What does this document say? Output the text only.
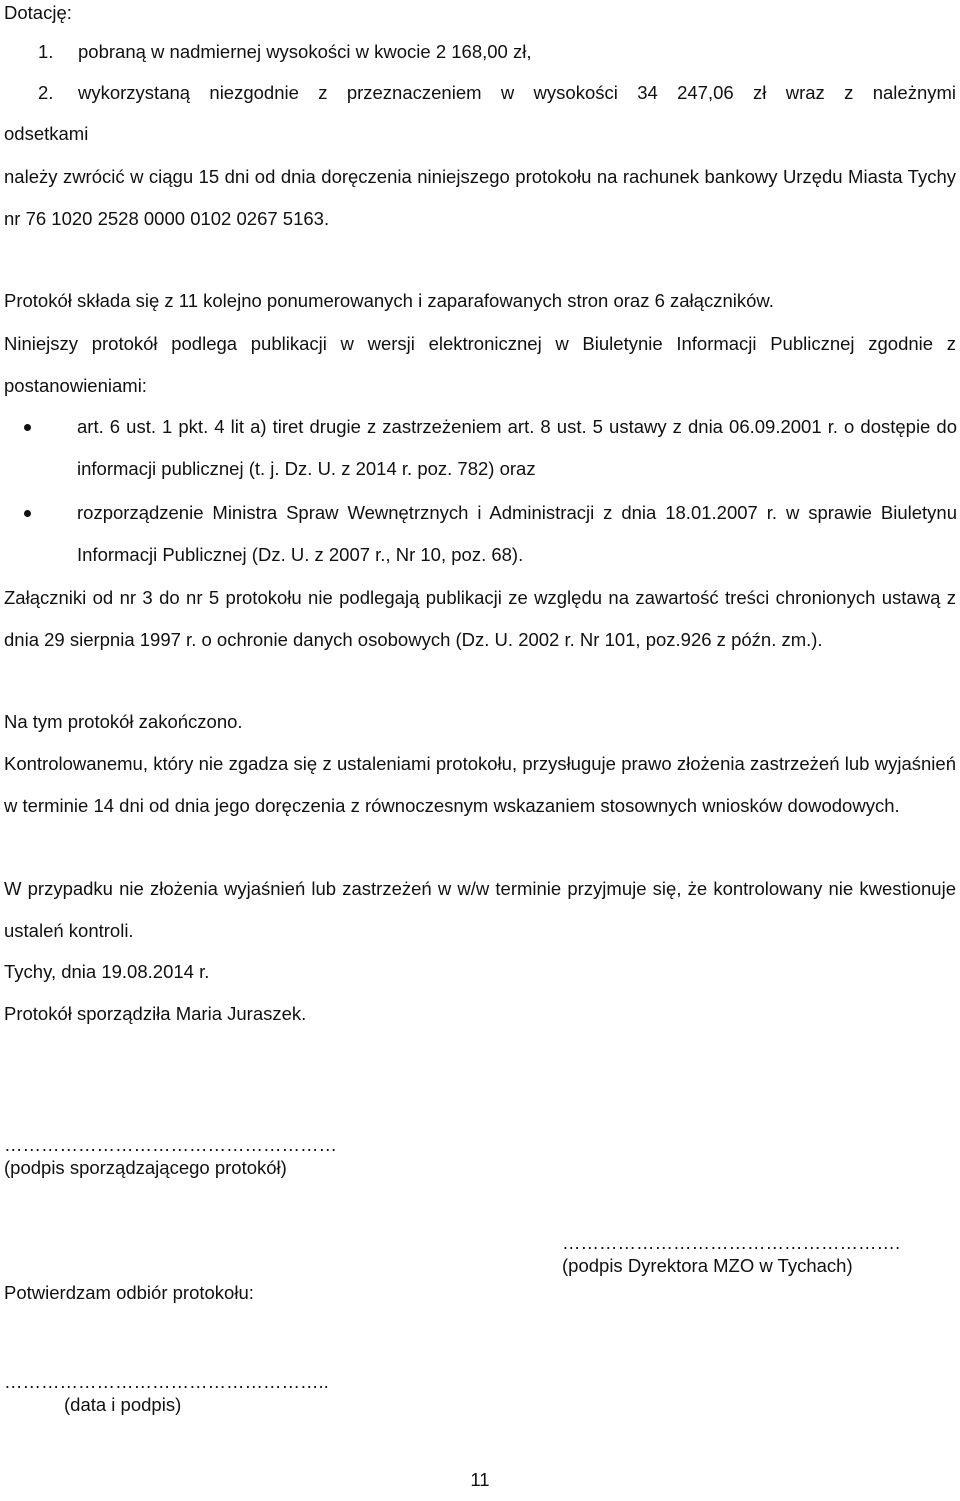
Dotację:
1. pobraną w nadmiernej wysokości w kwocie 2 168,00 zł,
2. wykorzystaną niezgodnie z przeznaczeniem w wysokości 34 247,06 zł wraz z należnymi
odsetkami

należy zwrócić w ciągu 15 dni od dnia doręczenia niniejszego protokołu na rachunek bankowy Urzędu Miasta Tychy nr 76 1020 2528 0000 0102 0267 5163.

Protokół składa się z 11 kolejno ponumerowanych i zaparafowanych stron oraz 6 załączników.

Niniejszy protokół podlega publikacji w wersji elektronicznej w Biuletynie Informacji Publicznej zgodnie z postanowieniami:

art. 6 ust. 1 pkt. 4 lit a) tiret drugie z zastrzeżeniem art. 8 ust. 5 ustawy z dnia 06.09.2001 r. o dostępie do informacji publicznej (t. j. Dz. U. z 2014 r. poz. 782) oraz

rozporządzenie Ministra Spraw Wewnętrznych i Administracji z dnia 18.01.2007 r. w sprawie Biuletynu Informacji Publicznej (Dz. U. z 2007 r., Nr 10, poz. 68).

Załączniki od nr 3 do nr 5 protokołu nie podlegają publikacji ze względu na zawartość treści chronionych ustawą z dnia 29 sierpnia 1997 r. o ochronie danych osobowych (Dz. U. 2002 r. Nr 101, poz.926 z późn. zm.).

Na tym protokół zakończono.

Kontrolowanemu, który nie zgadza się z ustaleniami protokołu, przysługuje prawo złożenia zastrzeżeń lub wyjaśnień w terminie 14 dni od dnia jego doręczenia z równoczesnym wskazaniem stosownych wniosków dowodowych.

W przypadku nie złożenia wyjaśnień lub zastrzeżeń w w/w terminie przyjmuje się, że kontrolowany nie kwestionuje ustaleń kontroli.

Tychy, dnia 19.08.2014 r.
Protokół sporządziła Maria Juraszek.
………………………………………………
(podpis sporządzającego protokół)
……………………………………………….
(podpis Dyrektora MZO w Tychach)
Potwierdzam odbiór protokołu:
……………………………………………..
(data i podpis)
11
